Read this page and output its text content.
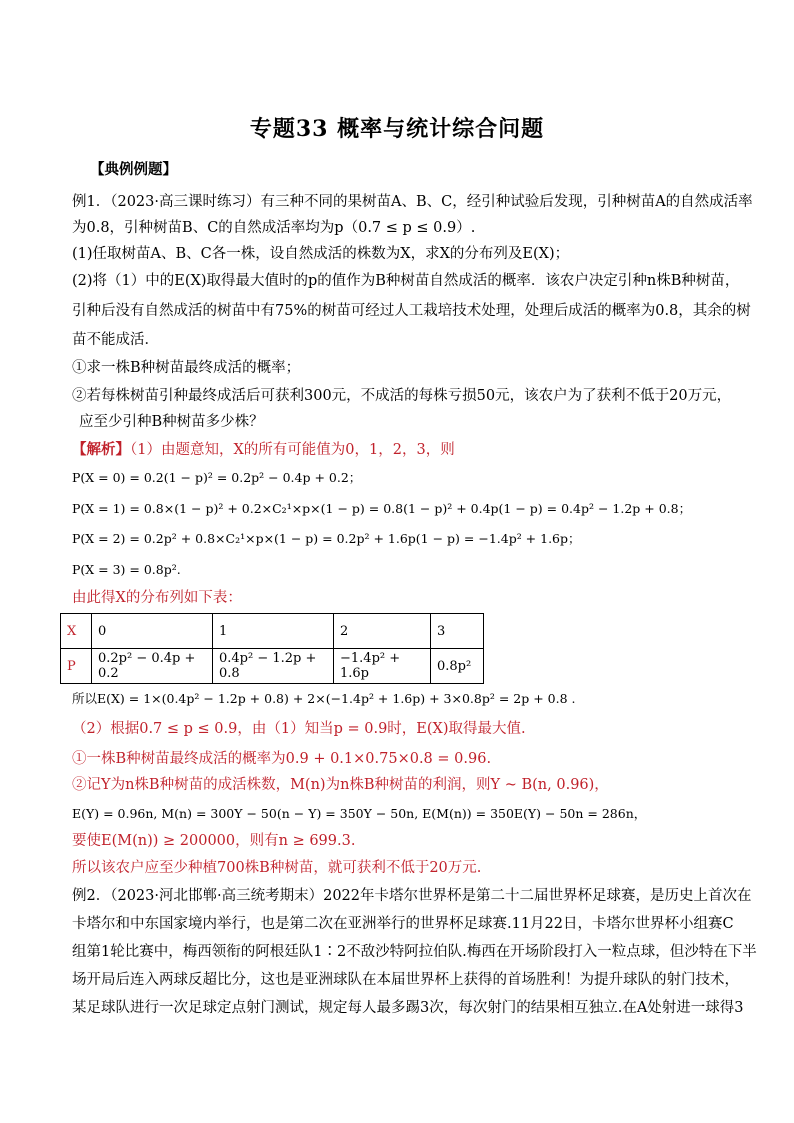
专题33 概率与统计综合问题
【典例例题】
例1．（2023·高三课时练习）有三种不同的果树苗A、B、C，经引种试验后发现，引种树苗A的自然成活率
为0.8，引种树苗B、C的自然成活率均为p（0.7 ≤ p ≤ 0.9）.
(1)任取树苗A、B、C各一株，设自然成活的株数为X，求X的分布列及E(X)；
(2)将（1）中的E(X)取得最大值时的p的值作为B种树苗自然成活的概率．该农户决定引种n株B种树苗，
引种后没有自然成活的树苗中有75%的树苗可经过人工栽培技术处理，处理后成活的概率为0.8，其余的树
苗不能成活．
①求一株B种树苗最终成活的概率；
②若每株树苗引种最终成活后可获利300元，不成活的每株亏损50元，该农户为了获利不低于20万元，
应至少引种B种树苗多少株？
【解析】（1）由题意知，X的所有可能值为0，1，2，3，则
P(X = 0) = 0.2(1 − p)² = 0.2p² − 0.4p + 0.2；
P(X = 1) = 0.8×(1 − p)² + 0.2×C₂¹×p×(1 − p) = 0.8(1 − p)² + 0.4p(1 − p) = 0.4p² − 1.2p + 0.8；
P(X = 2) = 0.2p² + 0.8×C₂¹×p×(1 − p) = 0.2p² + 1.6p(1 − p) = −1.4p² + 1.6p；
P(X = 3) = 0.8p².
由此得X的分布列如下表：
X	0	1	2	3
P	0.2p² − 0.4p + 0.2	0.4p² − 1.2p + 0.8	−1.4p² + 1.6p	0.8p²
所以E(X) = 1×(0.4p² − 1.2p + 0.8) + 2×(−1.4p² + 1.6p) + 3×0.8p² = 2p + 0.8 .
（2）根据0.7 ≤ p ≤ 0.9，由（1）知当p = 0.9时，E(X)取得最大值.
①一株B种树苗最终成活的概率为0.9 + 0.1×0.75×0.8 = 0.96.
②记Y为n株B种树苗的成活株数，M(n)为n株B种树苗的利润，则Y ~ B(n, 0.96)，
E(Y) = 0.96n, M(n) = 300Y − 50(n − Y) = 350Y − 50n, E(M(n)) = 350E(Y) − 50n = 286n，
要使E(M(n)) ≥ 200000，则有n ≥ 699.3.
所以该农户应至少种植700株B种树苗，就可获利不低于20万元.
例2．（2023·河北邯郸·高三统考期末）2022年卡塔尔世界杯是第二十二届世界杯足球赛，是历史上首次在
卡塔尔和中东国家境内举行，也是第二次在亚洲举行的世界杯足球赛.11月22日，卡塔尔世界杯小组赛C
组第1轮比赛中，梅西领衔的阿根廷队1∶2不敌沙特阿拉伯队.梅西在开场阶段打入一粒点球，但沙特在下半
场开局后连入两球反超比分，这也是亚洲球队在本届世界杯上获得的首场胜利！为提升球队的射门技术，
某足球队进行一次足球定点射门测试，规定每人最多踢3次，每次射门的结果相互独立.在A处射进一球得3
